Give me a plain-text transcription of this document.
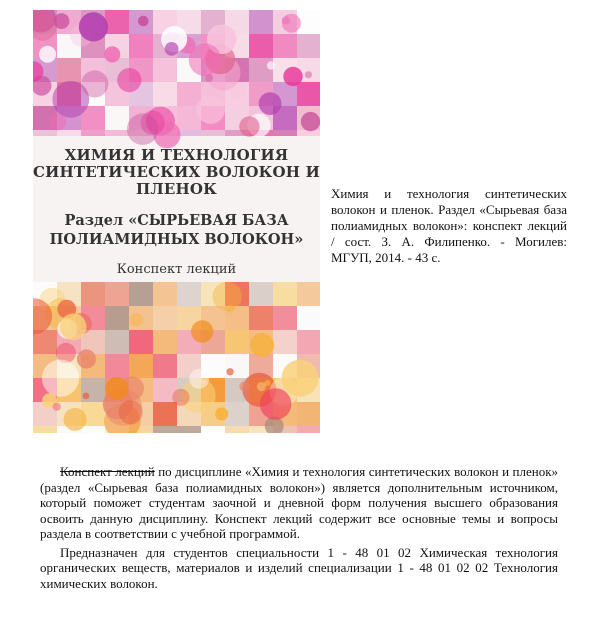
ХИМИЯ И ТЕХНОЛОГИЯ СИНТЕТИЧЕСКИХ ВОЛОКОН И ПЛЕНОК
Раздел «СЫРЬЕВАЯ БАЗА ПОЛИАМИДНЫХ ВОЛОКОН»
Конспект лекций
Химия и технология синтетических волокон и пленок. Раздел «Сырьевая база полиамидных волокон»: конспект лекций / сост. З. А. Филипенко. - Могилев: МГУП, 2014. - 43 с.

Конспект лекций по дисциплине «Химия и технология синтетических волокон и пленок» (раздел «Сырьевая база полиамидных волокон») является дополнительным источником, который поможет студентам заочной и дневной форм получения высшего образования освоить данную дисциплину. Конспект лекций содержит все основные темы и вопросы раздела в соответствии с учебной программой.

Предназначен для студентов специальности 1 - 48 01 02 Химическая технология органических веществ, материалов и изделий специализации 1 - 48 01 02 02 Технология химических волокон.
